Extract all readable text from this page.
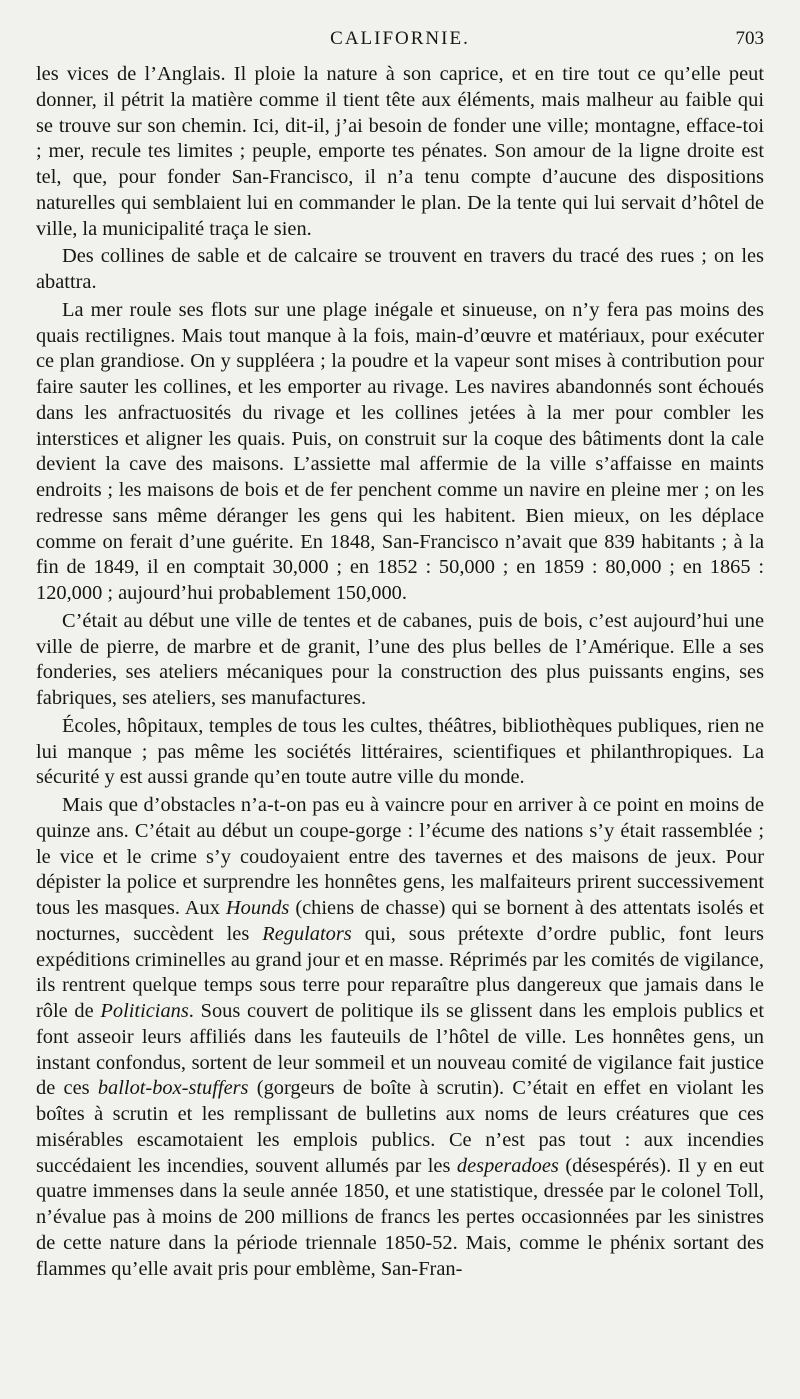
CALIFORNIE.	703

les vices de l’Anglais. Il ploie la nature à son caprice, et en tire tout ce qu’elle peut donner, il pétrit la matière comme il tient tête aux éléments, mais malheur au faible qui se trouve sur son chemin. Ici, dit-il, j’ai besoin de fonder une ville; montagne, efface-toi ; mer, recule tes limites ; peuple, emporte tes pénates. Son amour de la ligne droite est tel, que, pour fonder San-Francisco, il n’a tenu compte d’aucune des dispositions naturelles qui semblaient lui en commander le plan. De la tente qui lui servait d’hôtel de ville, la municipalité traça le sien.

Des collines de sable et de calcaire se trouvent en travers du tracé des rues ; on les abattra.

La mer roule ses flots sur une plage inégale et sinueuse, on n’y fera pas moins des quais rectilignes. Mais tout manque à la fois, main-d’œuvre et matériaux, pour exécuter ce plan grandiose. On y suppléera ; la poudre et la vapeur sont mises à contribution pour faire sauter les collines, et les emporter au rivage. Les navires abandonnés sont échoués dans les anfractuosités du rivage et les collines jetées à la mer pour combler les interstices et aligner les quais. Puis, on construit sur la coque des bâtiments dont la cale devient la cave des maisons. L’assiette mal affermie de la ville s’affaisse en maints endroits ; les maisons de bois et de fer penchent comme un navire en pleine mer ; on les redresse sans même déranger les gens qui les habitent. Bien mieux, on les déplace comme on ferait d’une guérite. En 1848, San-Francisco n’avait que 839 habitants ; à la fin de 1849, il en comptait 30,000 ; en 1852 : 50,000 ; en 1859 : 80,000 ; en 1865 : 120,000 ; aujourd’hui probablement 150,000.

C’était au début une ville de tentes et de cabanes, puis de bois, c’est aujourd’hui une ville de pierre, de marbre et de granit, l’une des plus belles de l’Amérique. Elle a ses fonderies, ses ateliers mécaniques pour la construction des plus puissants engins, ses fabriques, ses ateliers, ses manufactures.

Écoles, hôpitaux, temples de tous les cultes, théâtres, bibliothèques publiques, rien ne lui manque ; pas même les sociétés littéraires, scientifiques et philanthropiques. La sécurité y est aussi grande qu’en toute autre ville du monde.

Mais que d’obstacles n’a-t-on pas eu à vaincre pour en arriver à ce point en moins de quinze ans. C’était au début un coupe-gorge : l’écume des nations s’y était rassemblée ; le vice et le crime s’y coudoyaient entre des tavernes et des maisons de jeux. Pour dépister la police et surprendre les honnêtes gens, les malfaiteurs prirent successivement tous les masques. Aux Hounds (chiens de chasse) qui se bornent à des attentats isolés et nocturnes, succèdent les Regulators qui, sous prétexte d’ordre public, font leurs expéditions criminelles au grand jour et en masse. Réprimés par les comités de vigilance, ils rentrent quelque temps sous terre pour reparaître plus dangereux que jamais dans le rôle de Politicians. Sous couvert de politique ils se glissent dans les emplois publics et font asseoir leurs affiliés dans les fauteuils de l’hôtel de ville. Les honnêtes gens, un instant confondus, sortent de leur sommeil et un nouveau comité de vigilance fait justice de ces ballot-box-stuffers (gorgeurs de boîte à scrutin). C’était en effet en violant les boîtes à scrutin et les remplissant de bulletins aux noms de leurs créatures que ces misérables escamotaient les emplois publics. Ce n’est pas tout : aux incendies succédaient les incendies, souvent allumés par les desperadoes (désespérés). Il y en eut quatre immenses dans la seule année 1850, et une statistique, dressée par le colonel Toll, n’évalue pas à moins de 200 millions de francs les pertes occasionnées par les sinistres de cette nature dans la période triennale 1850-52. Mais, comme le phénix sortant des flammes qu’elle avait pris pour emblème, San-Fran-
